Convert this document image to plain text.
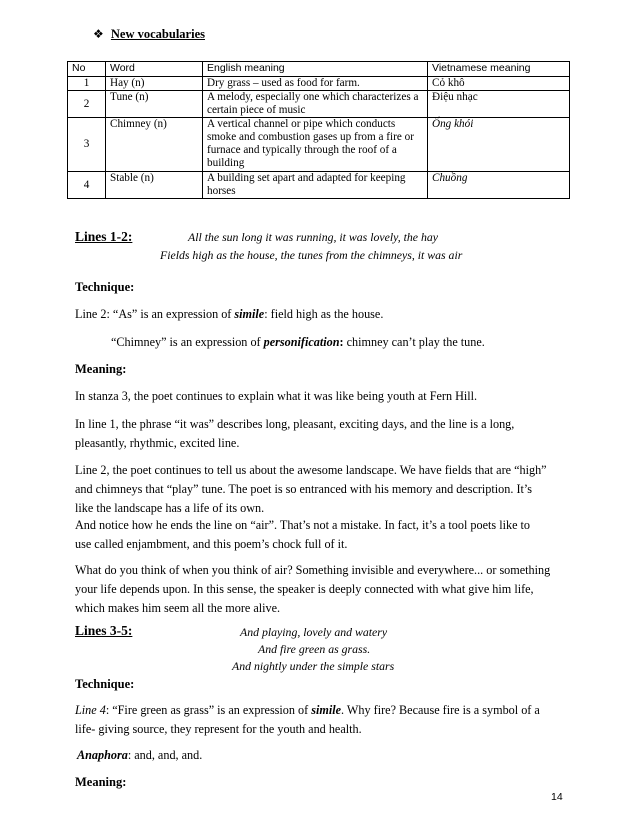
❖ New vocabularies
No	Word	English meaning	Vietnamese meaning
1	Hay (n)	Dry grass – used as food for farm.	Cỏ khô
2	Tune (n)	A melody, especially one which characterizes a certain piece of music	Điệu nhạc
3	Chimney (n)	A vertical channel or pipe which conducts smoke and combustion gases up from a fire or furnace and typically through the roof of a building	Ống khói
4	Stable (n)	A building set apart and adapted for keeping horses	Chuồng
Lines 1-2:	All the sun long it was running, it was lovely, the hay
Fields high as the house, the tunes from the chimneys, it was air
Technique:

Line 2: “As” is an expression of simile: field high as the house.

“Chimney” is an expression of personification: chimney can’t play the tune.

Meaning:

In stanza 3, the poet continues to explain what it was like being youth at Fern Hill.

In line 1, the phrase “it was” describes long, pleasant, exciting days, and the line is a long,
pleasantly, rhythmic, excited line.

Line 2, the poet continues to tell us about the awesome landscape. We have fields that are “high”
and chimneys that “play” tune. The poet is so entranced with his memory and description. It’s
like the landscape has a life of its own.

And notice how he ends the line on “air”. That’s not a mistake. In fact, it’s a tool poets like to
use called enjambment, and this poem’s chock full of it.

What do you think of when you think of air? Something invisible and everywhere... or something
your life depends upon. In this sense, the speaker is deeply connected with what give him life,
which makes him seem all the more alive.

Lines 3-5:	And playing, lovely and watery
And fire green as grass.
And nightly under the simple stars
Technique:

Line 4: “Fire green as grass” is an expression of simile. Why fire? Because fire is a symbol of a
life- giving source, they represent for the youth and health.

Anaphora: and, and, and.

Meaning:
14
